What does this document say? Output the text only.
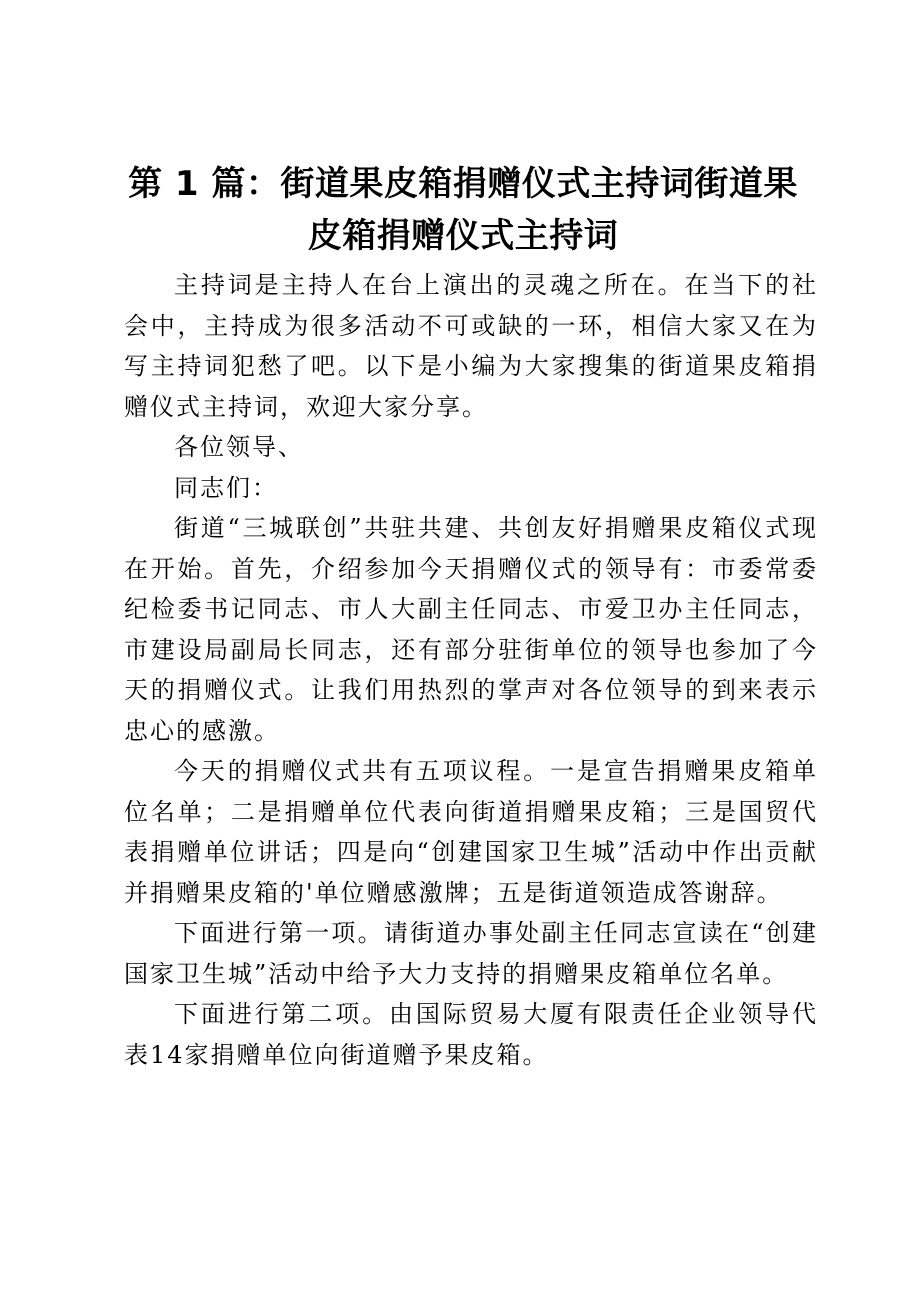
第 1 篇：街道果皮箱捐赠仪式主持词街道果皮箱捐赠仪式主持词

主持词是主持人在台上演出的灵魂之所在。在当下的社会中，主持成为很多活动不可或缺的一环，相信大家又在为写主持词犯愁了吧。以下是小编为大家搜集的街道果皮箱捐赠仪式主持词，欢迎大家分享。

各位领导、

同志们：

街道“三城联创”共驻共建、共创友好捐赠果皮箱仪式现在开始。首先，介绍参加今天捐赠仪式的领导有：市委常委纪检委书记同志、市人大副主任同志、市爱卫办主任同志，市建设局副局长同志，还有部分驻街单位的领导也参加了今天的捐赠仪式。让我们用热烈的掌声对各位领导的到来表示忠心的感激。

今天的捐赠仪式共有五项议程。一是宣告捐赠果皮箱单位名单；二是捐赠单位代表向街道捐赠果皮箱；三是国贸代表捐赠单位讲话；四是向“创建国家卫生城”活动中作出贡献并捐赠果皮箱的'单位赠感激牌；五是街道领造成答谢辞。

下面进行第一项。请街道办事处副主任同志宣读在“创建国家卫生城”活动中给予大力支持的捐赠果皮箱单位名单。

下面进行第二项。由国际贸易大厦有限责任企业领导代表14家捐赠单位向街道赠予果皮箱。
